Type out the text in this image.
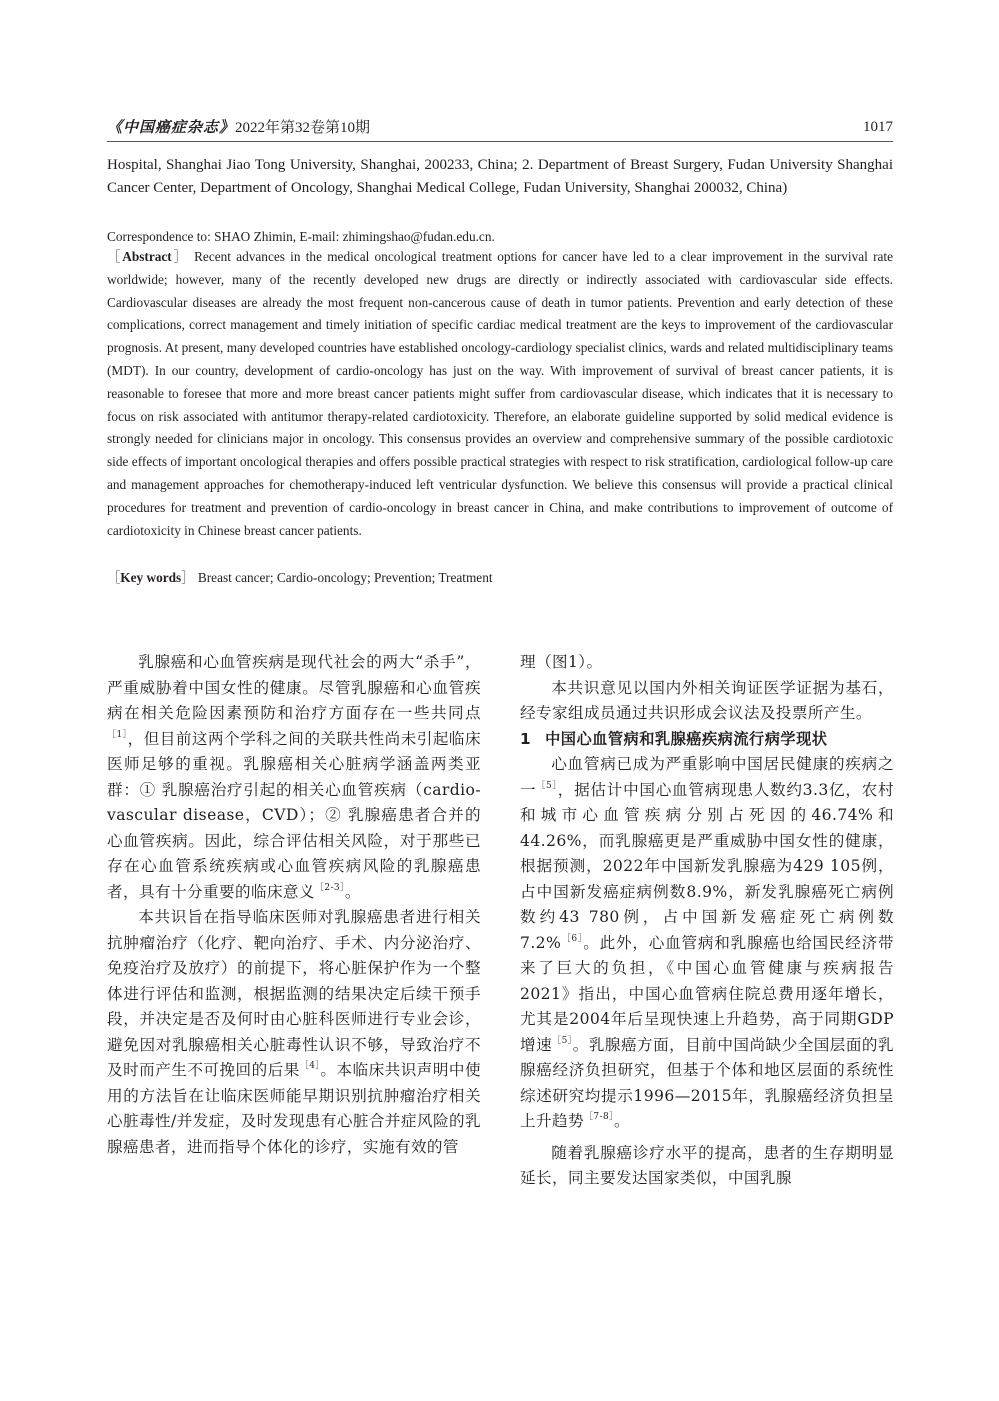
《中国癌症杂志》2022年第32卷第10期	1017
Hospital, Shanghai Jiao Tong University, Shanghai, 200233, China; 2. Department of Breast Surgery, Fudan University Shanghai Cancer Center, Department of Oncology, Shanghai Medical College, Fudan University, Shanghai 200032, China)
Correspondence to: SHAO Zhimin, E-mail: zhimingshao@fudan.edu.cn.
［Abstract］ Recent advances in the medical oncological treatment options for cancer have led to a clear improvement in the survival rate worldwide; however, many of the recently developed new drugs are directly or indirectly associated with cardiovascular side effects. Cardiovascular diseases are already the most frequent non-cancerous cause of death in tumor patients. Prevention and early detection of these complications, correct management and timely initiation of specific cardiac medical treatment are the keys to improvement of the cardiovascular prognosis. At present, many developed countries have established oncology-cardiology specialist clinics, wards and related multidisciplinary teams (MDT). In our country, development of cardio-oncology has just on the way. With improvement of survival of breast cancer patients, it is reasonable to foresee that more and more breast cancer patients might suffer from cardiovascular disease, which indicates that it is necessary to focus on risk associated with antitumor therapy-related cardiotoxicity. Therefore, an elaborate guideline supported by solid medical evidence is strongly needed for clinicians major in oncology. This consensus provides an overview and comprehensive summary of the possible cardiotoxic side effects of important oncological therapies and offers possible practical strategies with respect to risk stratification, cardiological follow-up care and management approaches for chemotherapy-induced left ventricular dysfunction. We believe this consensus will provide a practical clinical procedures for treatment and prevention of cardio-oncology in breast cancer in China, and make contributions to improvement of outcome of cardiotoxicity in Chinese breast cancer patients.
［Key words］ Breast cancer; Cardio-oncology; Prevention; Treatment

乳腺癌和心血管疾病是现代社会的两大“杀手”，严重威胁着中国女性的健康。尽管乳腺癌和心血管疾病在相关危险因素预防和治疗方面存在一些共同点$^{[1]}$，但目前这两个学科之间的关联共性尚未引起临床医师足够的重视。乳腺癌相关心脏病学涵盖两类亚群：① 乳腺癌治疗引起的相关心血管疾病（cardio-vascular disease，CVD）；② 乳腺癌患者合并的心血管疾病。因此，综合评估相关风险，对于那些已存在心血管系统疾病或心血管疾病风险的乳腺癌患者，具有十分重要的临床意义$^{[2-3]}$。

本共识旨在指导临床医师对乳腺癌患者进行相关抗肿瘤治疗（化疗、靶向治疗、手术、内分泌治疗、免疫治疗及放疗）的前提下，将心脏保护作为一个整体进行评估和监测，根据监测的结果决定后续干预手段，并决定是否及何时由心脏科医师进行专业会诊，避免因对乳腺癌相关心脏毒性认识不够，导致治疗不及时而产生不可挽回的后果$^{[4]}$。本临床共识声明中使用的方法旨在让临床医师能早期识别抗肿瘤治疗相关心脏毒性/并发症，及时发现患有心脏合并症风险的乳腺癌患者，进而指导个体化的诊疗，实施有效的管

理（图1）。

本共识意见以国内外相关询证医学证据为基石，经专家组成员通过共识形成会议法及投票所产生。

1 中国心血管病和乳腺癌疾病流行病学现状

心血管病已成为严重影响中国居民健康的疾病之一$^{[5]}$，据估计中国心血管病现患人数约3.3亿，农村和城市心血管疾病分别占死因的46.74%和44.26%，而乳腺癌更是严重威胁中国女性的健康，根据预测，2022年中国新发乳腺癌为429 105例，占中国新发癌症病例数8.9%，新发乳腺癌死亡病例数约43 780例，占中国新发癌症死亡病例数7.2%$^{[6]}$。此外，心血管病和乳腺癌也给国民经济带来了巨大的负担，《中国心血管健康与疾病报告2021》指出，中国心血管病住院总费用逐年增长，尤其是2004年后呈现快速上升趋势，高于同期GDP增速$^{[5]}$。乳腺癌方面，目前中国尚缺少全国层面的乳腺癌经济负担研究，但基于个体和地区层面的系统性综述研究均提示1996—2015年，乳腺癌经济负担呈上升趋势$^{[7-8]}$。

随着乳腺癌诊疗水平的提高，患者的生存期明显延长，同主要发达国家类似，中国乳腺
